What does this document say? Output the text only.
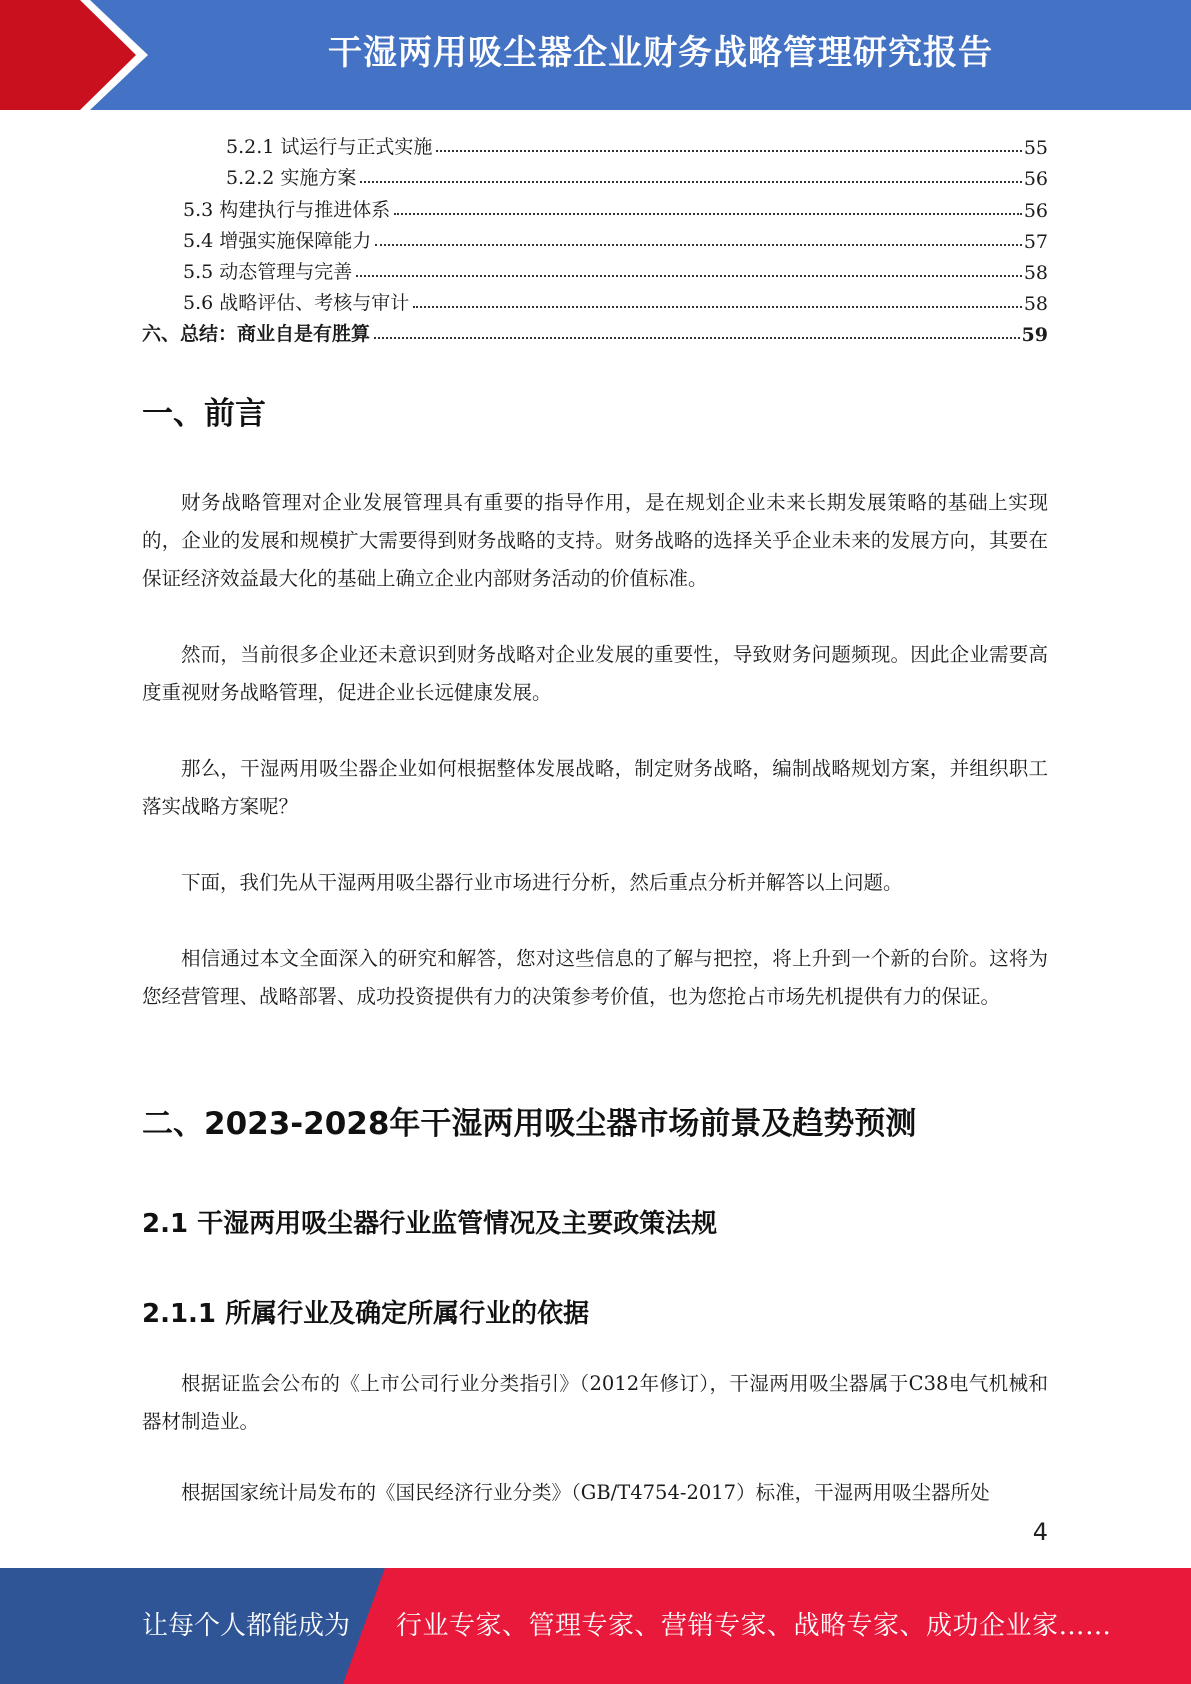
干湿两用吸尘器企业财务战略管理研究报告
5.2.1 试运行与正式实施	55
5.2.2 实施方案	56
5.3 构建执行与推进体系	56
5.4 增强实施保障能力	57
5.5 动态管理与完善	58
5.6 战略评估、考核与审计	58
六、总结：商业自是有胜算	59
一、前言

财务战略管理对企业发展管理具有重要的指导作用，是在规划企业未来长期发展策略的基础上实现的，企业的发展和规模扩大需要得到财务战略的支持。财务战略的选择关乎企业未来的发展方向，其要在保证经济效益最大化的基础上确立企业内部财务活动的价值标准。

然而，当前很多企业还未意识到财务战略对企业发展的重要性，导致财务问题频现。因此企业需要高度重视财务战略管理，促进企业长远健康发展。

那么，干湿两用吸尘器企业如何根据整体发展战略，制定财务战略，编制战略规划方案，并组织职工落实战略方案呢？

下面，我们先从干湿两用吸尘器行业市场进行分析，然后重点分析并解答以上问题。

相信通过本文全面深入的研究和解答，您对这些信息的了解与把控，将上升到一个新的台阶。这将为您经营管理、战略部署、成功投资提供有力的决策参考价值，也为您抢占市场先机提供有力的保证。

二、2023-2028年干湿两用吸尘器市场前景及趋势预测
2.1 干湿两用吸尘器行业监管情况及主要政策法规
2.1.1 所属行业及确定所属行业的依据

根据证监会公布的《上市公司行业分类指引》（2012年修订），干湿两用吸尘器属于C38电气机械和器材制造业。

根据国家统计局发布的《国民经济行业分类》（GB/T4754-2017）标准，干湿两用吸尘器所处

4
让每个人都能成为 行业专家、管理专家、营销专家、战略专家、成功企业家……
